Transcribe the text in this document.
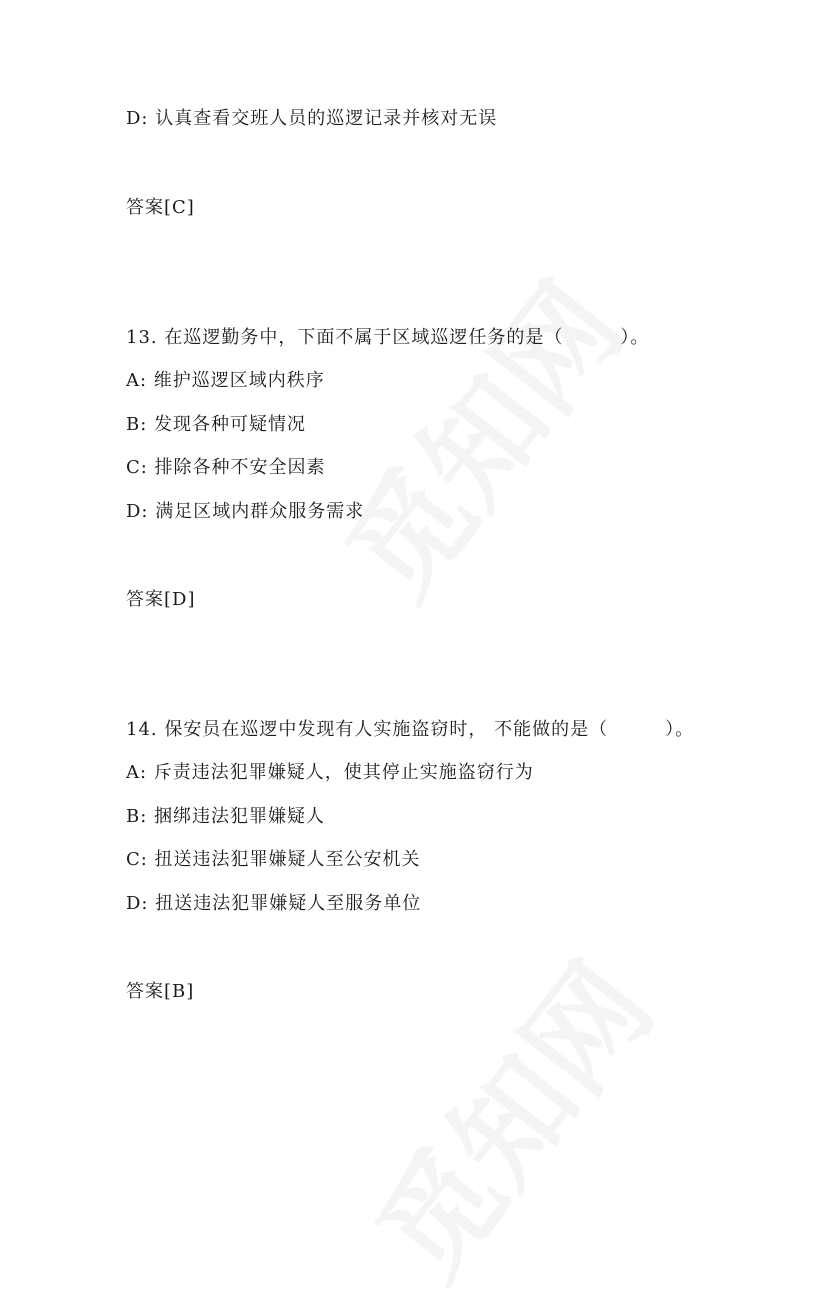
D: 认真查看交班人员的巡逻记录并核对无误
答案[C]
13. 在巡逻勤务中，下面不属于区域巡逻任务的是（　　　）。
A: 维护巡逻区域内秩序
B: 发现各种可疑情况
C: 排除各种不安全因素
D: 满足区域内群众服务需求
答案[D]
14. 保安员在巡逻中发现有人实施盗窃时， 不能做的是（　　　）。
A: 斥责违法犯罪嫌疑人，使其停止实施盗窃行为
B: 捆绑违法犯罪嫌疑人
C: 扭送违法犯罪嫌疑人至公安机关
D: 扭送违法犯罪嫌疑人至服务单位
答案[B]
